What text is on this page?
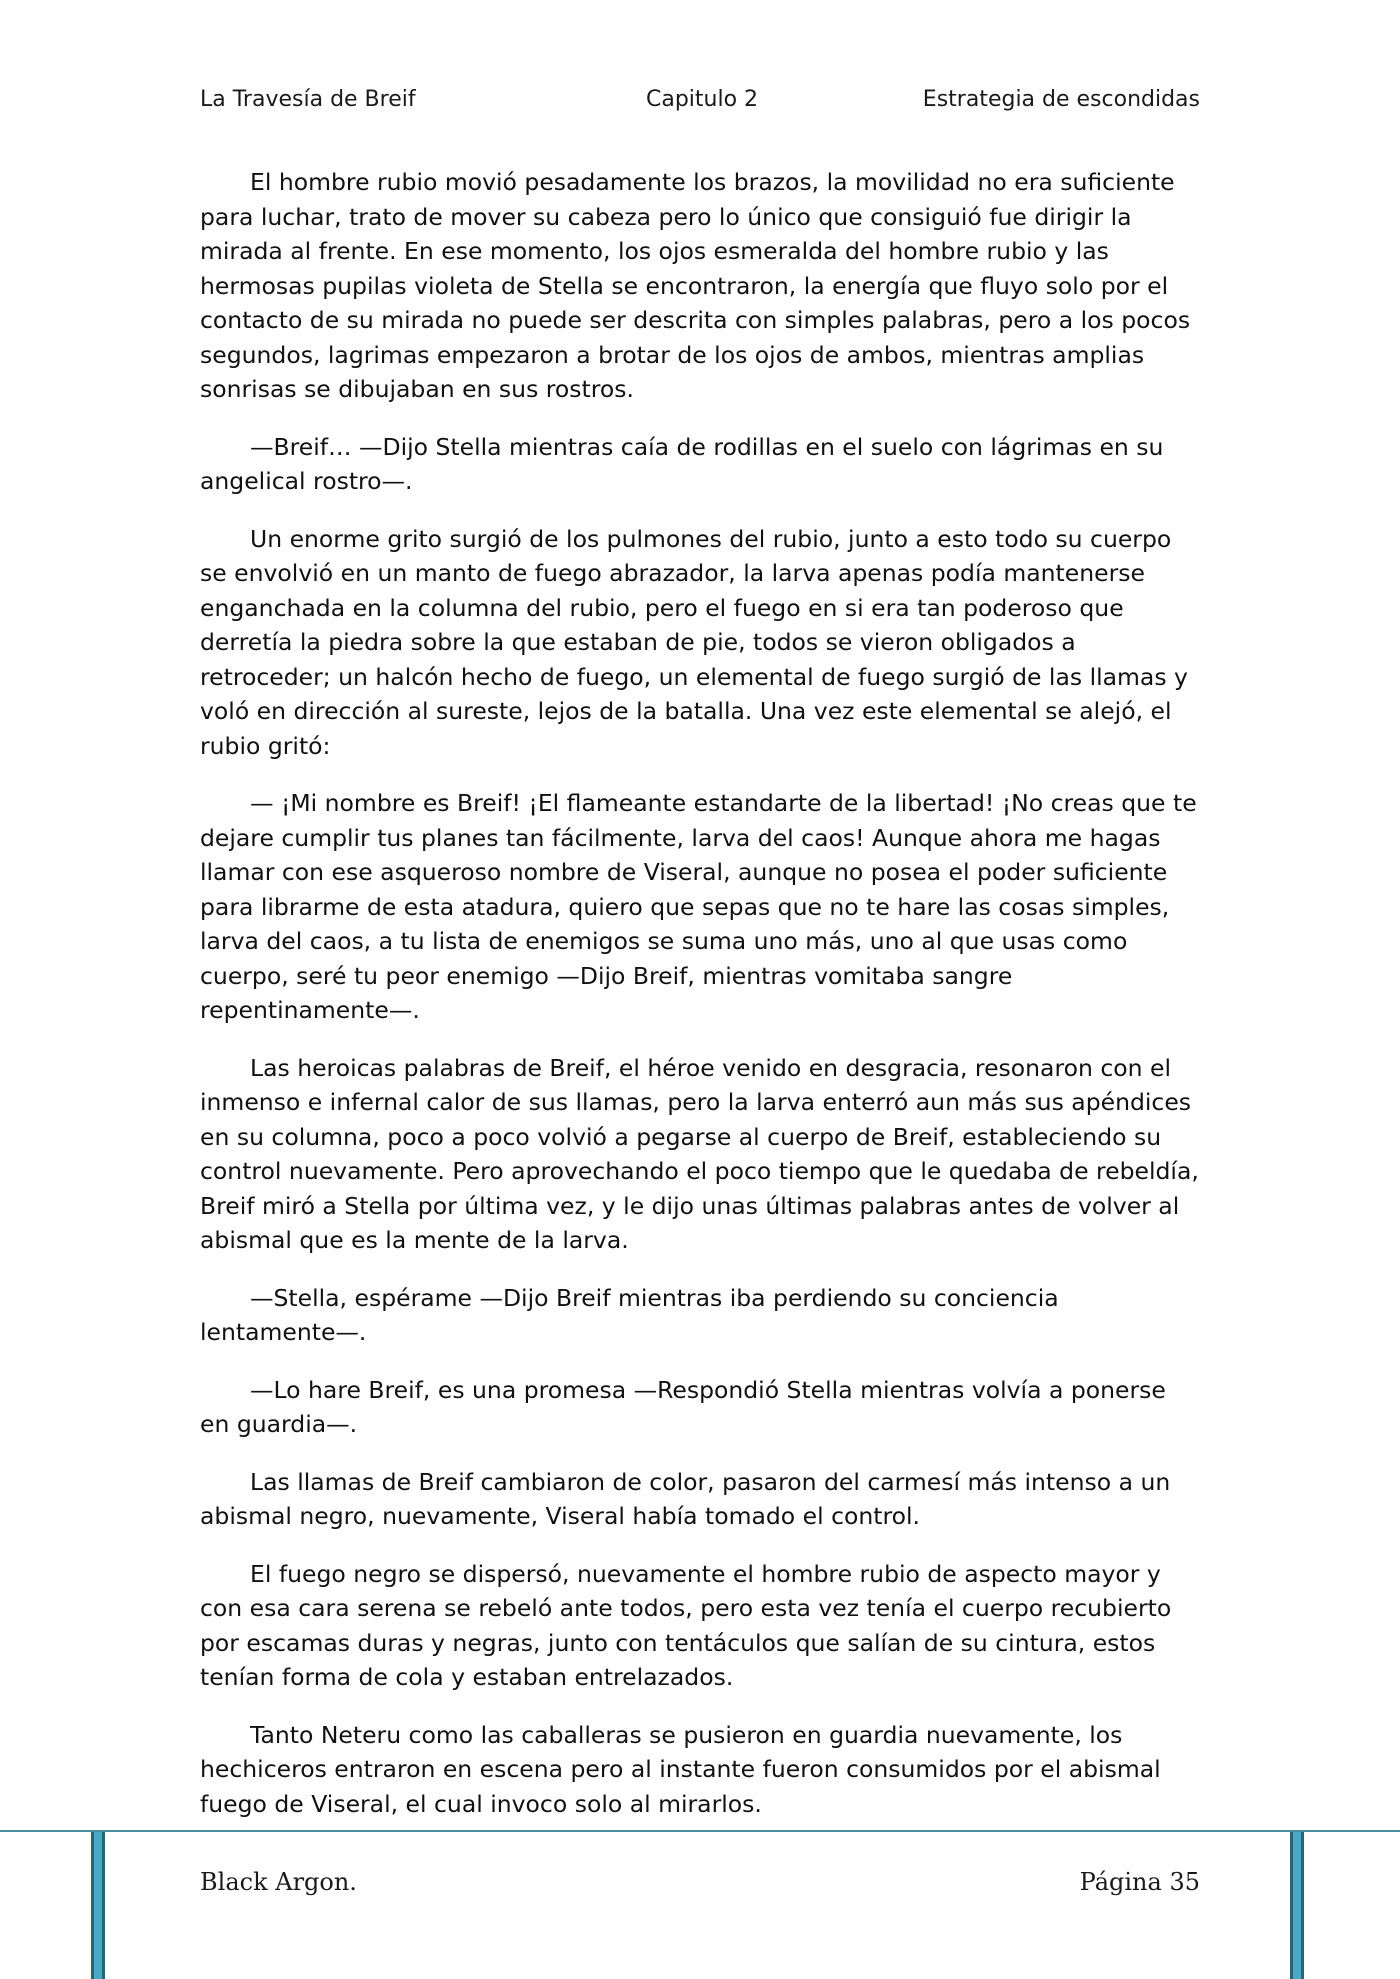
La Travesía de Breif	Capitulo 2	Estrategia de escondidas

El hombre rubio movió pesadamente los brazos, la movilidad no era suficiente para luchar, trato de mover su cabeza pero lo único que consiguió fue dirigir la mirada al frente. En ese momento, los ojos esmeralda del hombre rubio y las hermosas pupilas violeta de Stella se encontraron, la energía que fluyo solo por el contacto de su mirada no puede ser descrita con simples palabras, pero a los pocos segundos, lagrimas empezaron a brotar de los ojos de ambos, mientras amplias sonrisas se dibujaban en sus rostros.

—Breif… —Dijo Stella mientras caía de rodillas en el suelo con lágrimas en su angelical rostro—.

Un enorme grito surgió de los pulmones del rubio, junto a esto todo su cuerpo se envolvió en un manto de fuego abrazador, la larva apenas podía mantenerse enganchada en la columna del rubio, pero el fuego en si era tan poderoso que derretía la piedra sobre la que estaban de pie, todos se vieron obligados a retroceder; un halcón hecho de fuego, un elemental de fuego surgió de las llamas y voló en dirección al sureste, lejos de la batalla. Una vez este elemental se alejó, el rubio gritó:

— ¡Mi nombre es Breif! ¡El flameante estandarte de la libertad! ¡No creas que te dejare cumplir tus planes tan fácilmente, larva del caos! Aunque ahora me hagas llamar con ese asqueroso nombre de Viseral, aunque no posea el poder suficiente para librarme de esta atadura, quiero que sepas que no te hare las cosas simples, larva del caos, a tu lista de enemigos se suma uno más, uno al que usas como cuerpo, seré tu peor enemigo —Dijo Breif, mientras vomitaba sangre repentinamente—.

Las heroicas palabras de Breif, el héroe venido en desgracia, resonaron con el inmenso e infernal calor de sus llamas, pero la larva enterró aun más sus apéndices en su columna, poco a poco volvió a pegarse al cuerpo de Breif, estableciendo su control nuevamente. Pero aprovechando el poco tiempo que le quedaba de rebeldía, Breif miró a Stella por última vez, y le dijo unas últimas palabras antes de volver al abismal que es la mente de la larva.

—Stella, espérame —Dijo Breif mientras iba perdiendo su conciencia lentamente—.

—Lo hare Breif, es una promesa —Respondió Stella mientras volvía a ponerse en guardia—.

Las llamas de Breif cambiaron de color, pasaron del carmesí más intenso a un abismal negro, nuevamente, Viseral había tomado el control.

El fuego negro se dispersó, nuevamente el hombre rubio de aspecto mayor y con esa cara serena se rebeló ante todos, pero esta vez tenía el cuerpo recubierto por escamas duras y negras, junto con tentáculos que salían de su cintura, estos tenían forma de cola y estaban entrelazados.

Tanto Neteru como las caballeras se pusieron en guardia nuevamente, los hechiceros entraron en escena pero al instante fueron consumidos por el abismal fuego de Viseral, el cual invoco solo al mirarlos.

Black Argon.	Página 35
